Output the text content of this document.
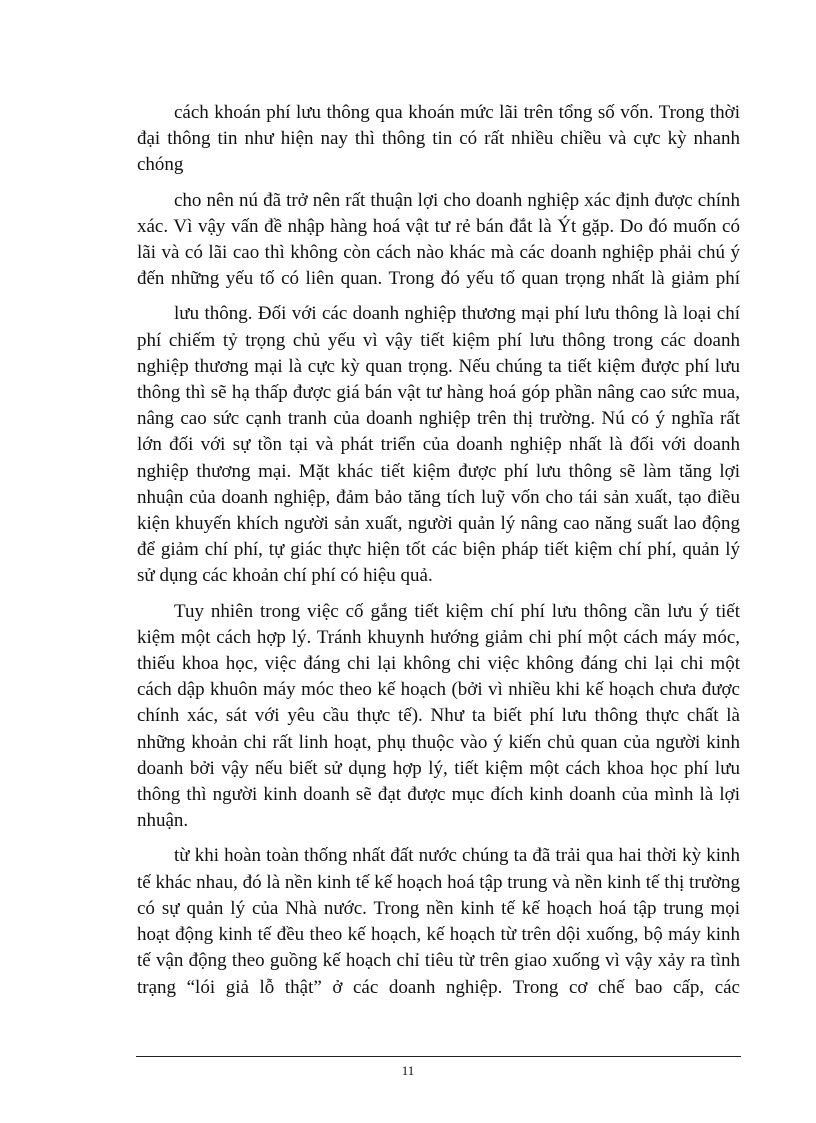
cách khoán phí lưu thông qua khoán mức lãi trên tổng số vốn. Trong thời đại thông tin như hiện nay thì thông tin có rất nhiều chiều và cực kỳ nhanh chóng

cho nên nú đã trở nên rất thuận lợi cho doanh nghiệp xác định được chính xác. Vì vậy vấn đề nhập hàng hoá vật tư rẻ bán đắt là Ýt gặp. Do đó muốn có lãi và có lãi cao thì không còn cách nào khác mà các doanh nghiệp phải chú ý đến những yếu tố có liên quan. Trong đó yếu tố quan trọng nhất là giảm phí

lưu thông. Đối với các doanh nghiệp thương mại phí lưu thông là loại chí phí chiếm tỷ trọng chủ yếu vì vậy tiết kiệm phí lưu thông trong các doanh nghiệp thương mại là cực kỳ quan trọng. Nếu chúng ta tiết kiệm được phí lưu thông thì sẽ hạ thấp được giá bán vật tư hàng hoá góp phần nâng cao sức mua, nâng cao sức cạnh tranh của doanh nghiệp trên thị trường. Nú có ý nghĩa rất lớn đối với sự tồn tại và phát triển của doanh nghiệp nhất là đối với doanh nghiệp thương mại. Mặt khác tiết kiệm được phí lưu thông sẽ làm tăng lợi nhuận của doanh nghiệp, đảm bảo tăng tích luỹ vốn cho tái sản xuất, tạo điều kiện khuyến khích người sản xuất, người quản lý nâng cao năng suất lao động để giảm chí phí, tự giác thực hiện tốt các biện pháp tiết kiệm chí phí, quản lý sử dụng các khoản chí phí có hiệu quả.

Tuy nhiên trong việc cố gắng tiết kiệm chí phí lưu thông cần lưu ý tiết kiệm một cách hợp lý. Tránh khuynh hướng giảm chi phí một cách máy móc, thiếu khoa học, việc đáng chi lại không chi việc không đáng chi lại chi một cách dập khuôn máy móc theo kế hoạch (bởi vì nhiều khi kế hoạch chưa được chính xác, sát với yêu cầu thực tế). Như ta biết phí lưu thông thực chất là những khoản chi rất linh hoạt, phụ thuộc vào ý kiến chủ quan của người kinh doanh bởi vậy nếu biết sử dụng hợp lý, tiết kiệm một cách khoa học phí lưu thông thì người kinh doanh sẽ đạt được mục đích kinh doanh của mình là lợi nhuận.

từ khi hoàn toàn thống nhất đất nước chúng ta đã trải qua hai thời kỳ kinh tế khác nhau, đó là nền kinh tế kế hoạch hoá tập trung và nền kinh tế thị trường có sự quản lý của Nhà nước. Trong nền kinh tế kế hoạch hoá tập trung mọi hoạt động kinh tế đều theo kế hoạch, kế hoạch từ trên dội xuống, bộ máy kinh tế vận động theo guồng kế hoạch chỉ tiêu từ trên giao xuống vì vậy xảy ra tình trạng “lói giả lỗ thật” ở các doanh nghiệp. Trong cơ chế bao cấp, các

11
